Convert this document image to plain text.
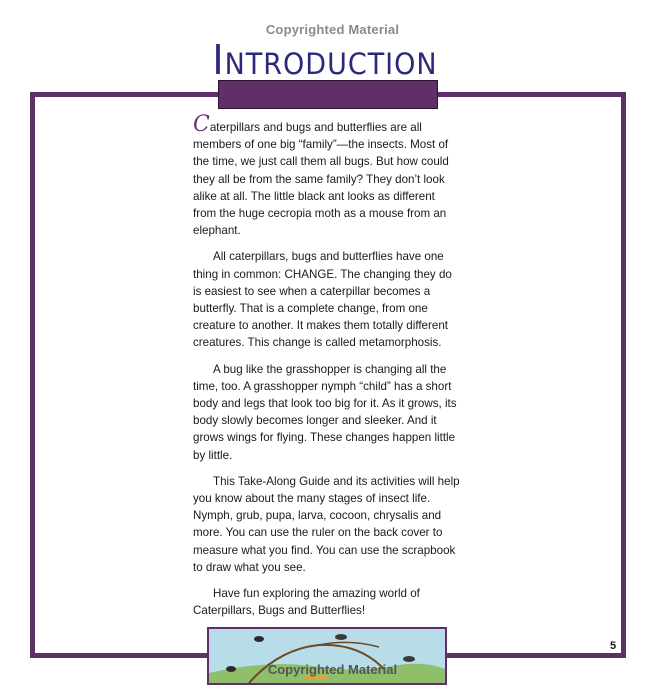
Copyrighted Material
Introduction

Caterpillars and bugs and butterflies are all members of one big “family”—the insects. Most of the time, we just call them all bugs. But how could they all be from the same family? They don’t look alike at all. The little black ant looks as different from the huge cecropia moth as a mouse from an elephant.

All caterpillars, bugs and butterflies have one thing in common: CHANGE. The changing they do is easiest to see when a caterpillar becomes a butterfly. That is a complete change, from one creature to another. It makes them totally different creatures. This change is called metamorphosis.

A bug like the grasshopper is changing all the time, too. A grasshopper nymph “child” has a short body and legs that look too big for it. As it grows, its body slowly becomes longer and sleeker. And it grows wings for flying. These changes happen little by little.

This Take-Along Guide and its activities will help you know about the many stages of insect life. Nymph, grub, pupa, larva, cocoon, chrysalis and more. You can use the ruler on the back cover to measure what you find. You can use the scrapbook to draw what you see.

Have fun exploring the amazing world of Caterpillars, Bugs and Butterflies!

5
Copyrighted Material
